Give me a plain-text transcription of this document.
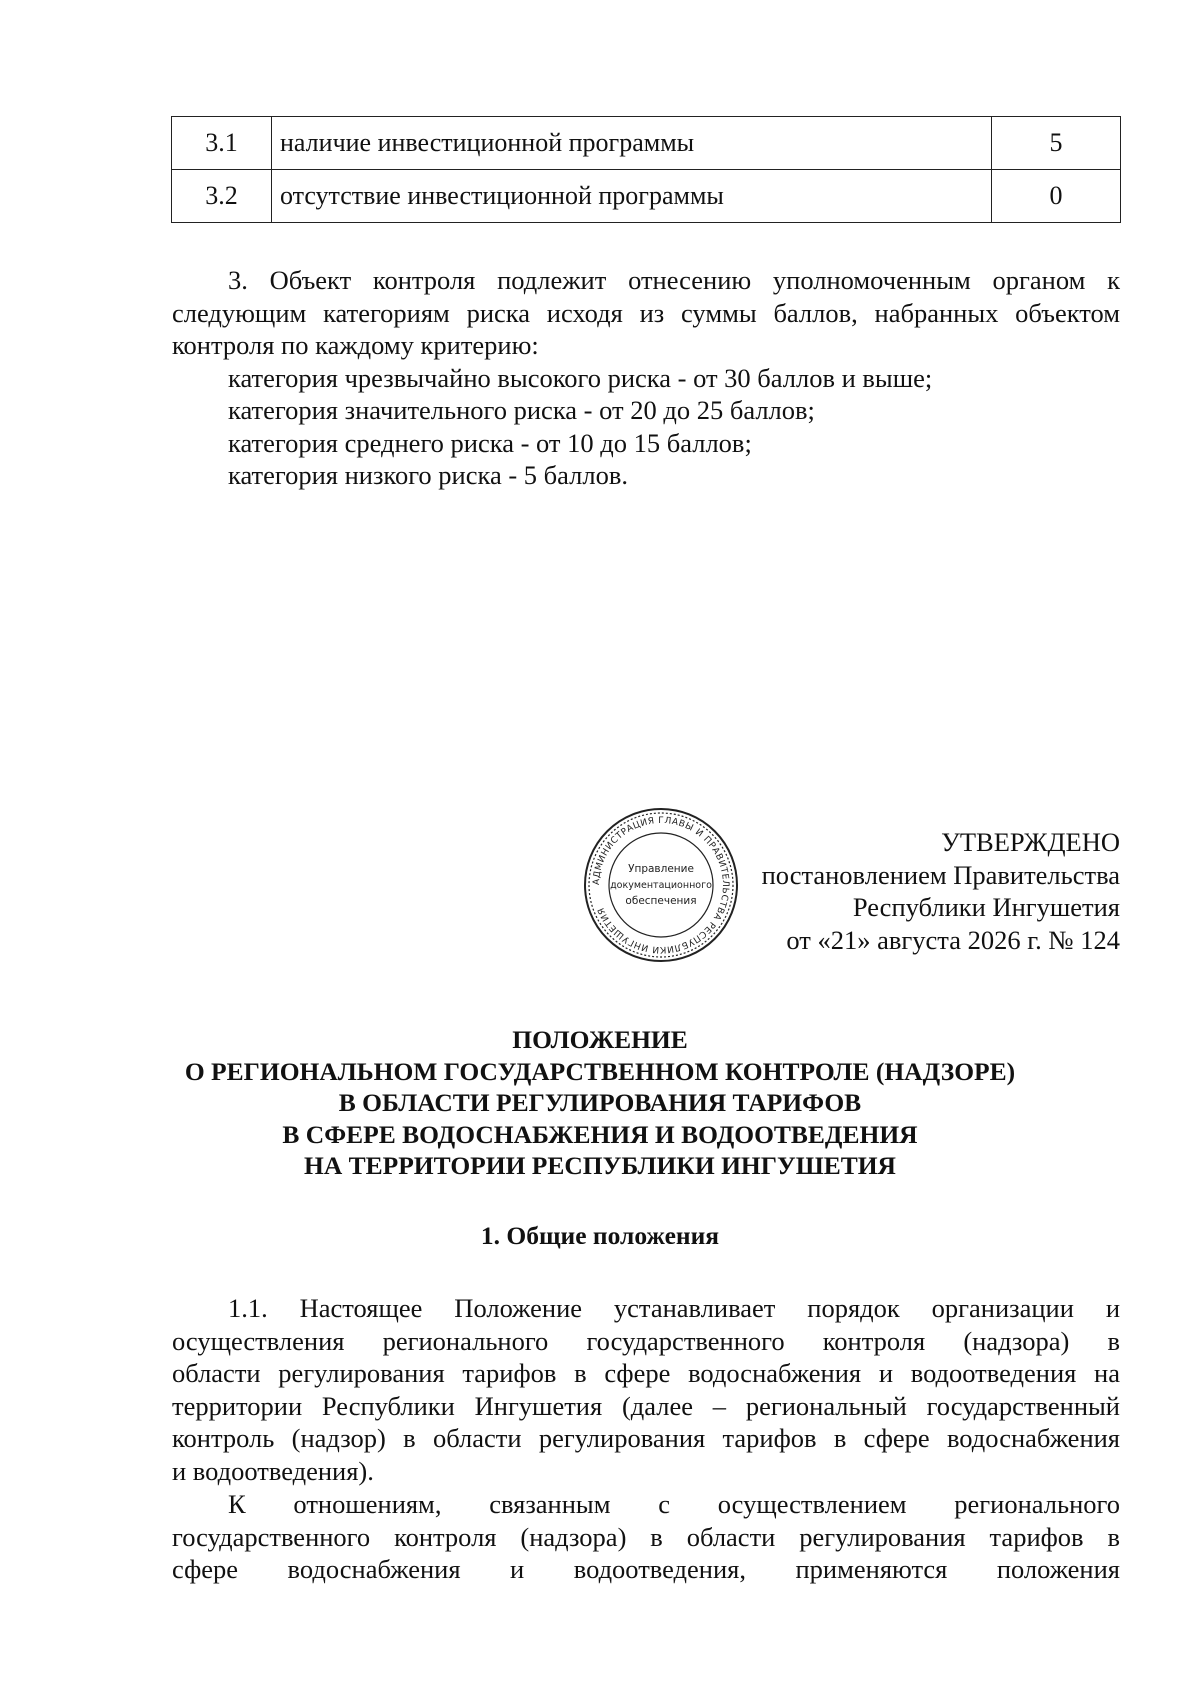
3.1	наличие инвестиционной программы	5
3.2	отсутствие инвестиционной программы	0
3. Объект контроля подлежит отнесению уполномоченным органом к
следующим категориям риска исходя из суммы баллов, набранных объектом
контроля по каждому критерию:
категория чрезвычайно высокого риска - от 30 баллов и выше;
категория значительного риска - от 20 до 25 баллов;
категория среднего риска - от 10 до 15 баллов;
категория низкого риска - 5 баллов.
АДМИНИСТРАЦИЯ ГЛАВЫ И ПРАВИТЕЛЬСТВА РЕСПУБЛИКИ ИНГУШЕТИЯ
Управление
документационного
обеспечения
УТВЕРЖДЕНО
постановлением Правительства
Республики Ингушетия
от «21» августа 2026 г. № 124
ПОЛОЖЕНИЕ
О РЕГИОНАЛЬНОМ ГОСУДАРСТВЕННОМ КОНТРОЛЕ (НАДЗОРЕ)
В ОБЛАСТИ РЕГУЛИРОВАНИЯ ТАРИФОВ
В СФЕРЕ ВОДОСНАБЖЕНИЯ И ВОДООТВЕДЕНИЯ
НА ТЕРРИТОРИИ РЕСПУБЛИКИ ИНГУШЕТИЯ
1. Общие положения
1.1. Настоящее Положение устанавливает порядок организации и
осуществления регионального государственного контроля (надзора) в
области регулирования тарифов в сфере водоснабжения и водоотведения на
территории Республики Ингушетия (далее – региональный государственный
контроль (надзор) в области регулирования тарифов в сфере водоснабжения
и водоотведения).
К отношениям, связанным с осуществлением регионального
государственного контроля (надзора) в области регулирования тарифов в
сфере водоснабжения и водоотведения, применяются положения
